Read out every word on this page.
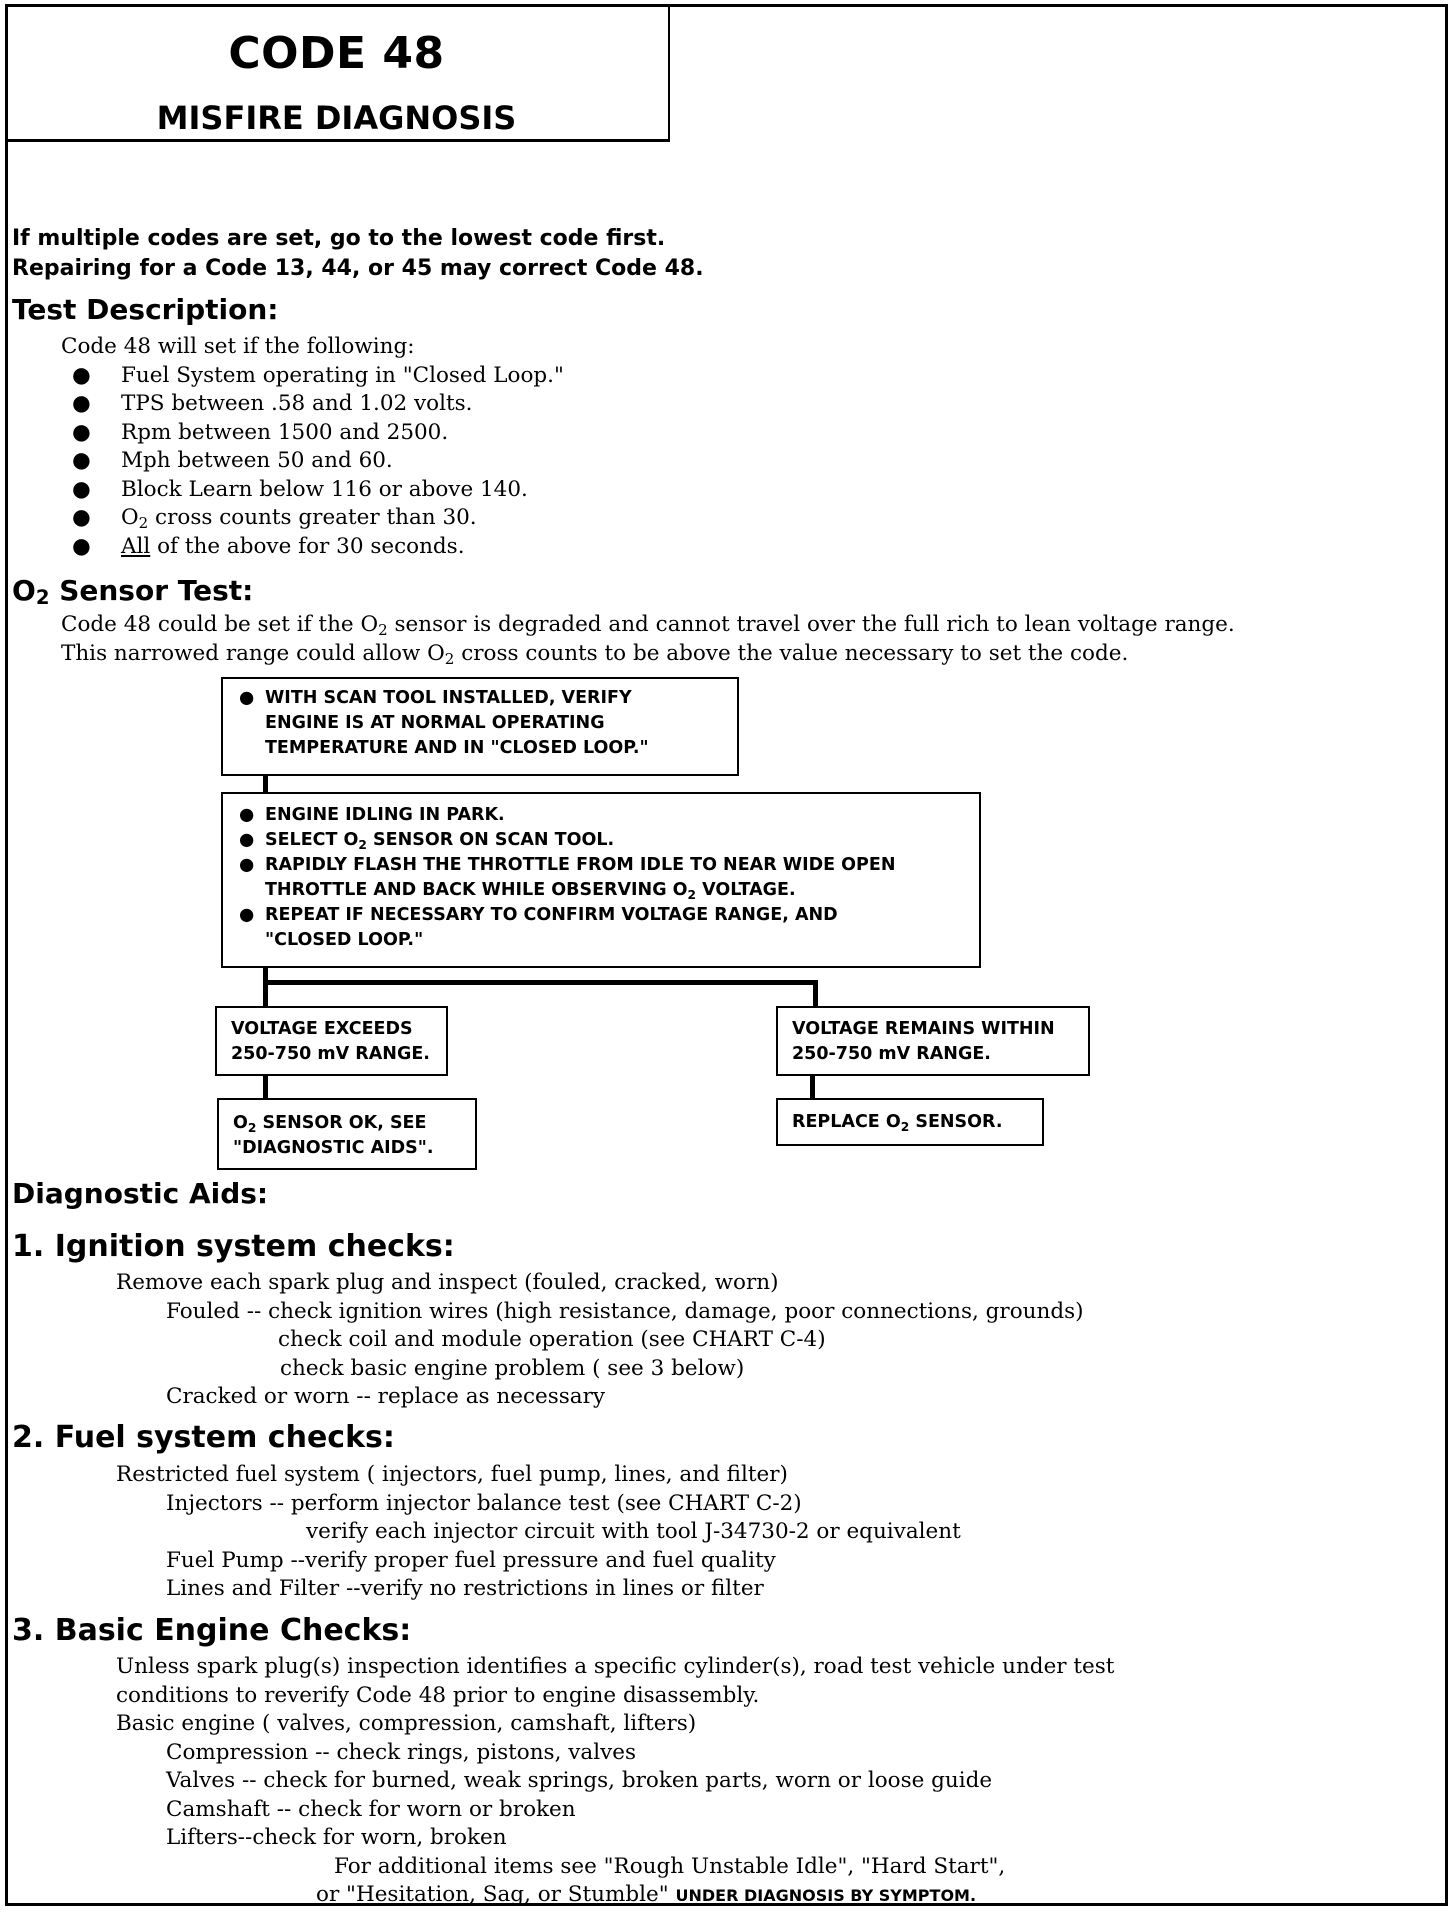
CODE 48
MISFIRE DIAGNOSIS
If multiple codes are set, go to the lowest code first.
Repairing for a Code 13, 44, or 45 may correct Code 48.
Test Description:
Code 48 will set if the following:
● Fuel System operating in "Closed Loop."
● TPS between .58 and 1.02 volts.
● Rpm between 1500 and 2500.
● Mph between 50 and 60.
● Block Learn below 116 or above 140.
● $O_2$ cross counts greater than 30.
● All of the above for 30 seconds.
$O_2$ Sensor Test:
Code 48 could be set if the $O_2$ sensor is degraded and cannot travel over the full rich to lean voltage range.
This narrowed range could allow $O_2$ cross counts to be above the value necessary to set the code.
● WITH SCAN TOOL INSTALLED, VERIFY
ENGINE IS AT NORMAL OPERATING
TEMPERATURE AND IN "CLOSED LOOP."
● ENGINE IDLING IN PARK.
● SELECT $O_2$ SENSOR ON SCAN TOOL.
● RAPIDLY FLASH THE THROTTLE FROM IDLE TO NEAR WIDE OPEN
THROTTLE AND BACK WHILE OBSERVING $O_2$ VOLTAGE.
● REPEAT IF NECESSARY TO CONFIRM VOLTAGE RANGE, AND
"CLOSED LOOP."
VOLTAGE EXCEEDS
250-750 mV RANGE.
VOLTAGE REMAINS WITHIN
250-750 mV RANGE.
$O_2$ SENSOR OK, SEE
"DIAGNOSTIC AIDS".
REPLACE $O_2$ SENSOR.
Diagnostic Aids:
1. Ignition system checks:
Remove each spark plug and inspect (fouled, cracked, worn)
Fouled -- check ignition wires (high resistance, damage, poor connections, grounds)
check coil and module operation (see CHART C-4)
check basic engine problem ( see 3 below)
Cracked or worn -- replace as necessary
2. Fuel system checks:
Restricted fuel system ( injectors, fuel pump, lines, and filter)
Injectors -- perform injector balance test (see CHART C-2)
verify each injector circuit with tool J-34730-2 or equivalent
Fuel Pump --verify proper fuel pressure and fuel quality
Lines and Filter --verify no restrictions in lines or filter
3. Basic Engine Checks:
Unless spark plug(s) inspection identifies a specific cylinder(s), road test vehicle under test
conditions to reverify Code 48 prior to engine disassembly.
Basic engine ( valves, compression, camshaft, lifters)
Compression -- check rings, pistons, valves
Valves -- check for burned, weak springs, broken parts, worn or loose guide
Camshaft -- check for worn or broken
Lifters--check for worn, broken
For additional items see "Rough Unstable Idle", "Hard Start",
or "Hesitation, Sag, or Stumble" UNDER DIAGNOSIS BY SYMPTOM.
